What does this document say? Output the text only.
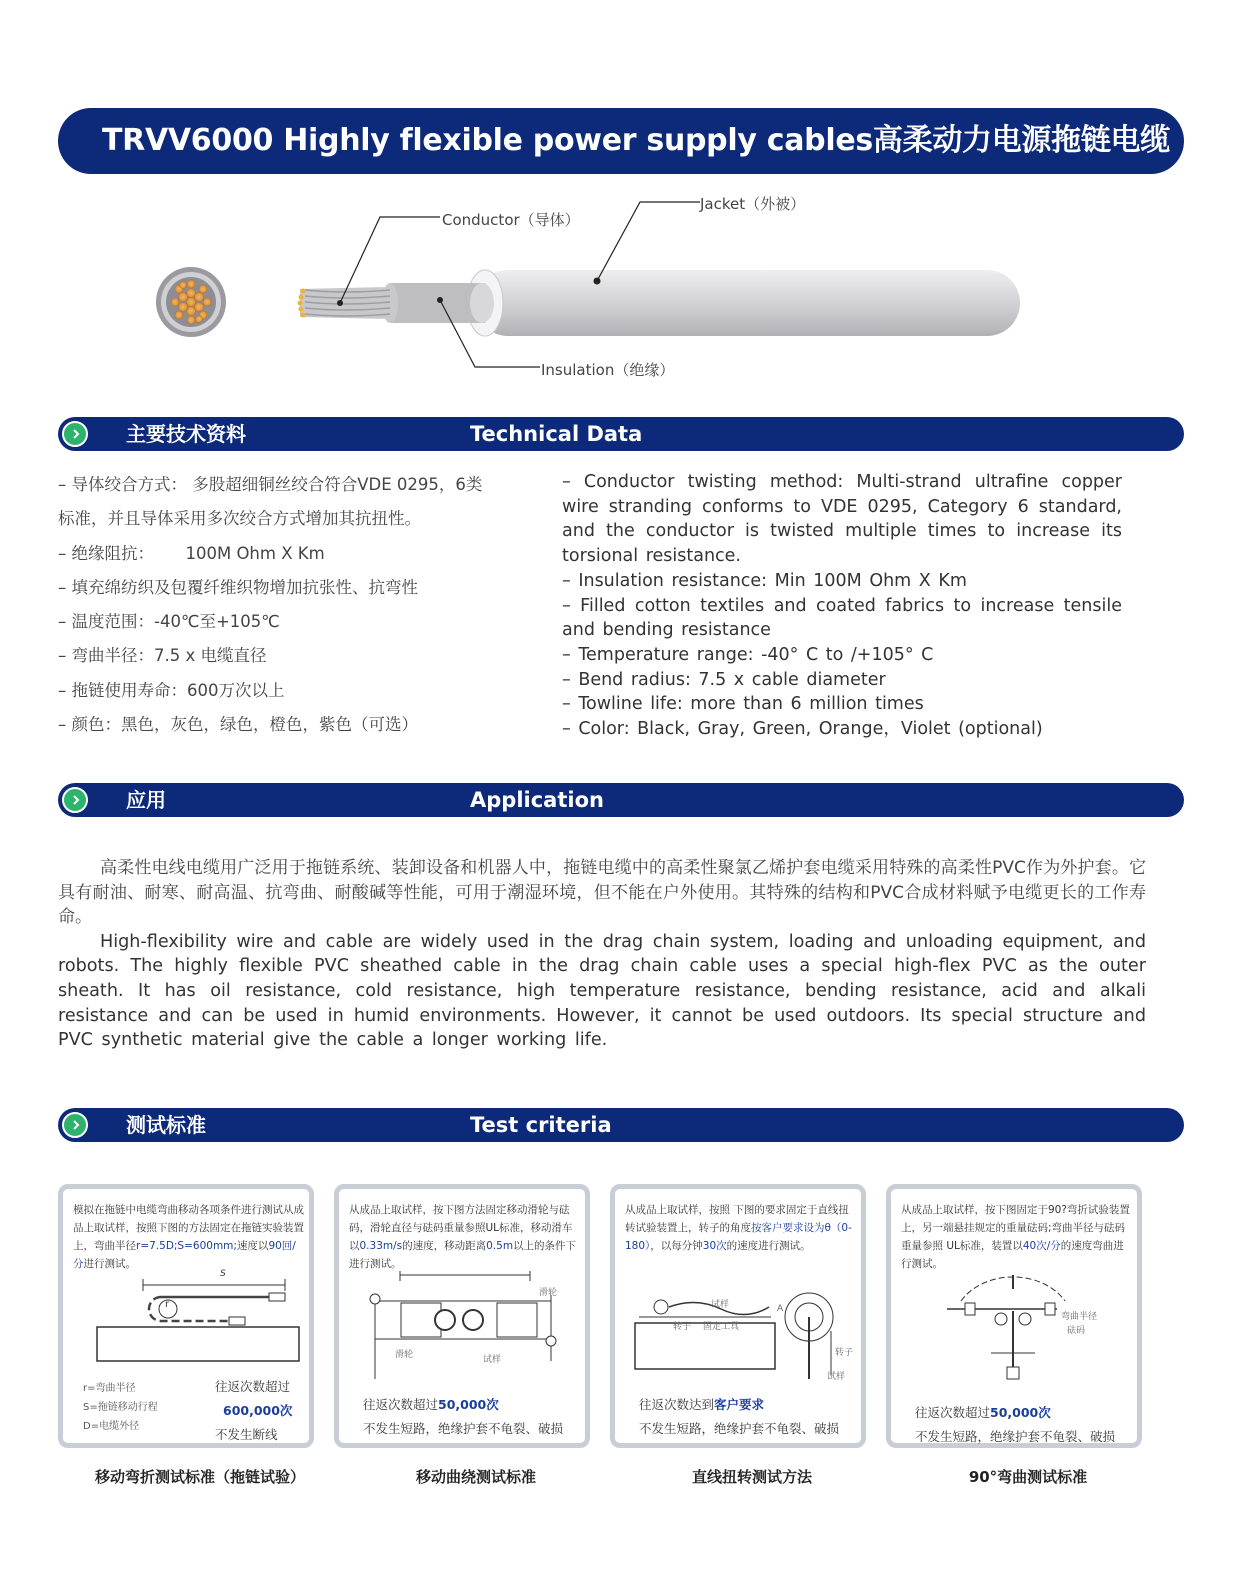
TRVV6000 Highly flexible power supply cables高柔动力电源拖链电缆
Conductor（导体）
Jacket（外被）
Insulation（绝缘）
主要技术资料	Technical Data
– 导体绞合方式： 多股超细铜丝绞合符合VDE 0295，6类
标准，并且导体采用多次绞合方式增加其抗扭性。
– 绝缘阻抗：      100M Ohm X Km
– 填充绵纺织及包覆纤维织物增加抗张性、抗弯性
– 温度范围：-40℃至+105℃
– 弯曲半径：7.5 x 电缆直径
– 拖链使用寿命：600万次以上
– 颜色：黑色，灰色，绿色，橙色，紫色（可选）

– Conductor twisting method: Multi-strand ultrafine copper wire stranding conforms to VDE 0295, Category 6 standard, and the conductor is twisted multiple times to increase its torsional resistance.

– Insulation resistance: Min 100M Ohm X Km

– Filled cotton textiles and coated fabrics to increase tensile and bending resistance

– Temperature range: -40° C to /+105° C

– Bend radius: 7.5 x cable diameter

– Towline life: more than 6 million times

– Color: Black, Gray, Green, Orange，Violet (optional)

应用	Application

高柔性电线电缆用广泛用于拖链系统、装卸设备和机器人中，拖链电缆中的高柔性聚氯乙烯护套电缆采用特殊的高柔性PVC作为外护套。它具有耐油、耐寒、耐高温、抗弯曲、耐酸碱等性能，可用于潮湿环境，但不能在户外使用。其特殊的结构和PVC合成材料赋予电缆更长的工作寿命。

High-flexibility wire and cable are widely used in the drag chain system, loading and unloading equipment, and robots. The highly flexible PVC sheathed cable in the drag chain cable uses a special high-flex PVC as the outer sheath. It has oil resistance, cold resistance, high temperature resistance, bending resistance, acid and alkali resistance and can be used in humid environments. However, it cannot be used outdoors. Its special structure and PVC synthetic material give the cable a longer working life.

测试标准	Test criteria
模拟在拖链中电缆弯曲移动各项条件进行测试从成品上取试样，按照下图的方法固定在拖链实验装置上，弯曲半径r=7.5D;S=600mm;速度以90回/分进行测试。
S
r
r=弯曲半径
S=拖链移动行程
D=电缆外径
往返次数超过
600,000次
不发生断线
移动弯折测试标准（拖链试验）
从成品上取试样，按下图方法固定移动滑轮与砝码，滑轮直径与砝码重量参照UL标准，移动滑车以0.33m/s的速度，移动距离0.5m以上的条件下进行测试。
滑轮
滑轮	试样
往返次数超过50,000次
不发生短路，绝缘护套不龟裂、破损
移动曲绕测试标准
从成品上取试样，按照 下图的要求固定于直线扭转试验装置上，转子的角度按客户要求设为θ（0-180），以每分钟30次的速度进行测试。
试样
固定工具
转子
转子
试样
A
往返次数达到客户要求
不发生短路，绝缘护套不龟裂、破损
直线扭转测试方法
从成品上取试样，按下图固定于90?弯折试验装置上，另一端悬挂规定的重量砝码;弯曲半径与砝码重量参照 UL标准，装置以40次/分的速度弯曲进行测试。
弯曲半径
砝码
往返次数超过50,000次
不发生短路，绝缘护套不龟裂、破损
90°弯曲测试标准
